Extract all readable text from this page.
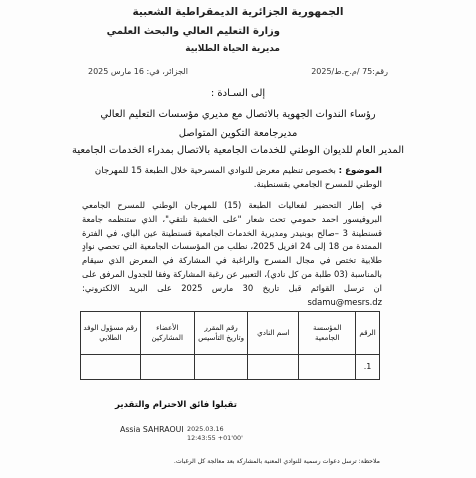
الجمهورية الجزائرية الديمقراطية الشعبية
وزارة التعليم العالي والبحث العلمي
مديرية الحياة الطلابية
رقم:75 /م.ح.ط/2025
الجزائر، في: 16 مارس 2025
إلى السـادة :
رؤساء الندوات الجهوية بالاتصال مع مديري مؤسسات التعليم العالي
مديرجامعة التكوين المتواصل
المدير العام للديوان الوطني للخدمات الجامعية بالاتصال بمدراء الخدمات الجامعية
الموضوع : بخصوص تنظيم معرض للنوادي المسرحية خلال الطبعة 15 للمهرجان الوطني للمسرح الجامعي بقسنطينة.
في إطار التحضير لفعاليات الطبعة (15) للمهرجان الوطني للمسرح الجامعي البروفيسور احمد حمومي تحت شعار "على الخشبة نلتقي"، الذي ستنظمه جامعة قسنطينة 3 –صالح بوبنيدر ومديرية الخدمات الجامعية قسنطينة عين الباي، في الفترة الممتدة من 18 إلى 24 افريل 2025، نطلب من المؤسسات الجامعية التي تحصي نوادٍ طلابية تختص في مجال المسرح والراغبة في المشاركة في المعرض الذي سيقام بالمناسبة (03 طلبة من كل نادي)، التعبير عن رغبة المشاركة وفقا للجدول المرفق على ان ترسل القوائم قبل تاريخ 30 مارس 2025 على البريد الالكتروني: sdamu@mesrs.dz
الرقم	المؤسسة الجامعية	اسم النادي	رقم المقرر وتاريخ التأسيس	الأعضاء المشاركين	رقم مسؤول الوفد الطلابي
1.					
تقبلوا فائق الاحترام والتقدير
Assia SAHRAOUI 2025.03.16 12:43:55 +01'00'
ملاحظة: ترسل دعوات رسمية للنوادي المعنية بالمشاركة بعد معالجة كل الرغبات.
